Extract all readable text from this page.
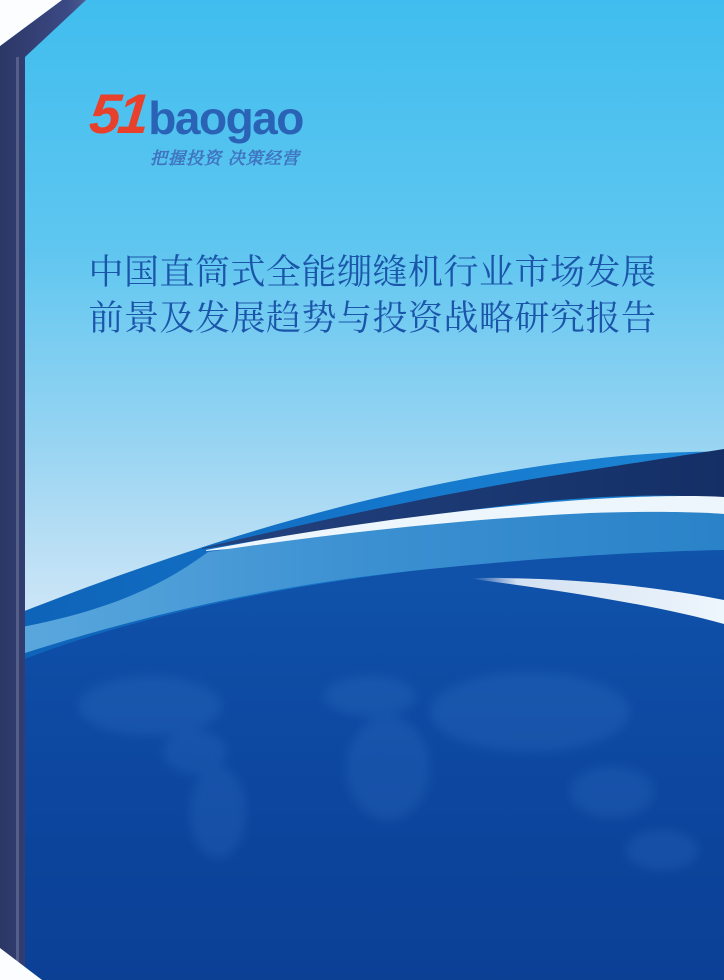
51
baogao
把握投资 决策经营
中国直筒式全能绷缝机行业市场发展
前景及发展趋势与投资战略研究报告
